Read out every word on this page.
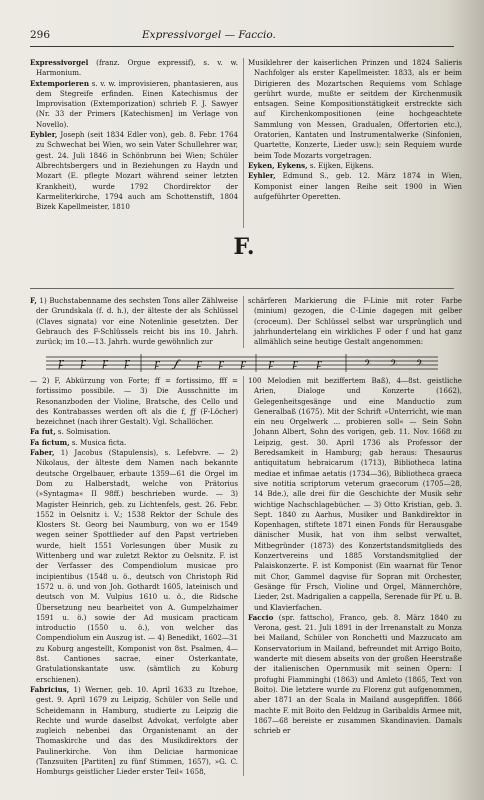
296	Expressivorgel — Faccio.

Expressivorgel (franz. Orgue expressif), s. v. w. Harmonium.

Extemporieren s. v. w. improvisieren, phantasieren, aus dem Stegreife erfinden. Einen Katechismus der Improvisation (Extemporization) schrieb F. J. Sawyer (Nr. 33 der Primers [Katechismen] im Verlage von Novello).

Eybler, Joseph (seit 1834 Edler von), geb. 8. Febr. 1764 zu Schwechat bei Wien, wo sein Vater Schullehrer war, gest. 24. Juli 1846 in Schönbrunn bei Wien; Schüler Albrechtsbergers und in Beziehungen zu Haydn und Mozart (E. pflegte Mozart während seiner letzten Krankheit), wurde 1792 Chordirektor der Karmeliterkirche, 1794 auch am Schottenstift, 1804 Bizek Kapellmeister, 1810

Musiklehrer der kaiserlichen Prinzen und 1824 Salieris Nachfolger als erster Kapellmeister. 1833, als er beim Dirigieren des Mozartschen Requiems vom Schlage gerührt wurde, mußte er seitdem der Kirchenmusik entsagen. Seine Kompositionstätigkeit erstreckte sich auf Kirchenkompositionen (eine hochgeachtete Sammlung von Messen, Gradualen, Offertorien etc.), Oratorien, Kantaten und Instrumentalwerke (Sinfonien, Quartette, Konzerte, Lieder usw.); sein Requiem wurde beim Tode Mozarts vorgetragen.

Eyken, Eykens, s. Eijken, Eijkens.

Eyhler, Edmund S., geb. 12. März 1874 in Wien, Komponist einer langen Reihe seit 1900 in Wien aufgeführter Operetten.

F.

F, 1) Buchstabenname des sechsten Tons aller Zählweise der Grundskala (f. d. h.), der älteste der als Schlüssel (Claves signata) vor eine Notenlinie gesetzten. Der Gebrauch des F-Schlüssels reicht bis ins 10. Jahrh. zurück; im 10.—13. Jahrh. wurde gewöhnlich zur

schärferen Markierung die F-Linie mit roter Farbe (minium) gezogen, die C-Linie dagegen mit gelber (croceum). Der Schlüssel selbst war ursprünglich und jahrhundertelang ein wirkliches F oder f und hat ganz allmählich seine heutige Gestalt angenommen:

ꝼ ꝼ ꝼ ꝼ ꝼ 𝆑	ꝼ ꝼ ꝼ ꝼ ꝼ ꝼ	𝄢 𝄢 𝄢

— 2) F, Abkürzung von Forte; ff = fortissimo, fff = fortissimo possibile. — 3) Die Ausschnitte im Resonanzboden der Violine, Bratsche, des Cello und des Kontrabasses werden oft als die f, ƒƒ (F-Löcher) bezeichnet (nach ihrer Gestalt). Vgl. Schallöcher.

Fa fut, s. Solmisation.

Fa fictum, s. Musica ficta.

Faber, 1) Jacobus (Stapulensis), s. Lefebvre. — 2) Nikolaus, der älteste dem Namen nach bekannte deutsche Orgelbauer, erbaute 1359—61 die Orgel im Dom zu Halberstadt, welche von Prätorius (»Syntagma« II 98ff.) beschrieben wurde. — 3) Magister Heinrich, geb. zu Lichtenfels, gest. 26. Febr. 1552 in Oelsnitz i. V.; 1538 Rektor der Schule des Klosters St. Georg bei Naumburg, von wo er 1549 wegen seiner Spottlieder auf den Papst vertrieben wurde, hielt 1551 Vorlesungen über Musik zu Wittenberg und war zuletzt Rektor zu Oelsnitz. F. ist der Verfasser des Compendiolum musicae pro incipientibus (1548 u. ö., deutsch von Christoph Rid 1572 u. ö. und von Joh. Gothardt 1605, lateinisch und deutsch von M. Vulpius 1610 u. ö., die Ridsche Übersetzung neu bearbeitet von A. Gumpelzhaimer 1591 u. ö.) sowie der Ad musicam practicam introductio (1550 u. ö.), von welcher das Compendiolum ein Auszug ist. — 4) Benedikt, 1602—31 zu Koburg angestellt, Komponist von 8st. Psalmen, 4—8st. Cantiones sacrae, einer Osterkantate, Gratulationskantate usw. (sämtlich zu Koburg erschienen).

Fabricius, 1) Werner, geb. 10. April 1633 zu Itzehoe, gest. 9. April 1679 zu Leipzig, Schüler von Selle und Scheidemann in Hamburg, studierte zu Leipzig die Rechte und wurde daselbst Advokat, verfolgte aber zugleich nebenbei das Organistenamt an der Thomaskirche und das des Musikdirektors der Paulinerkirche. Von ihm Deliciae harmonicae (Tanzsuiten [Partiten] zu fünf Stimmen, 1657), »G. C. Homburgs geistlicher Lieder erster Teil« 1658,

100 Melodien mit beziffertem Baß), 4—8st. geistliche Arien, Dialoge und Konzerte (1662), Gelegenheitsgesänge und eine Manductio zum Generalbaß (1675). Mit der Schrift »Unterricht, wie man ein neu Orgelwerk ... probieren soll« — Sein Sohn Johann Albert, Sohn des vorigen, geb. 11. Nov. 1668 zu Leipzig, gest. 30. April 1736 als Professor der Beredsamkeit in Hamburg; gab heraus: Thesaurus antiquitatum hebraicarum (1713), Bibliotheca latina mediae et infimae aetatis (1734—36), Bibliotheca graeca sive notitia scriptorum veterum graecorum (1705—28, 14 Bde.), alle drei für die Geschichte der Musik sehr wichtige Nachschlagebücher. — 3) Otto Kristian, geb. 3. Sept. 1840 zu Aarhus, Musiker und Bankdirektor in Kopenhagen, stiftete 1871 einen Fonds für Herausgabe dänischer Musik, hat von ihm selbst verwaltet, Mitbegründer (1873) des Konzertstandsmitglieds des Konzertvereins und 1885 Vorstandsmitglied der Palaiskonzerte. F. ist Komponist (Ein waarnat für Tenor mit Chor, Gammel dagvise für Sopran mit Orchester, Gesänge für Frsch, Violine und Orgel, Männerchöre, Lieder, 2st. Madrigalien a cappella, Serenade für Pf. u. B. und Klavierfachen.

Faccio (spr. fattscho), Franco, geb. 8. März 1840 zu Verona, gest. 21. Juli 1891 in der Irrenanstalt zu Monza bei Mailand, Schüler von Ronchetti und Mazzucato am Konservatorium in Mailand, befreundet mit Arrigo Boito, wanderte mit diesem abseits von der großen Heerstraße der italienischen Opernmusik mit seinen Opern: I profughi Fiamminghi (1863) und Amleto (1865, Text von Boito). Die letztere wurde zu Florenz gut aufgenommen, aber 1871 an der Scala in Mailand ausgepfiffen. 1866 machte F. mit Boito den Feldzug in Garibaldis Armee mit, 1867—68 bereiste er zusammen Skandinavien. Damals schrieb er
